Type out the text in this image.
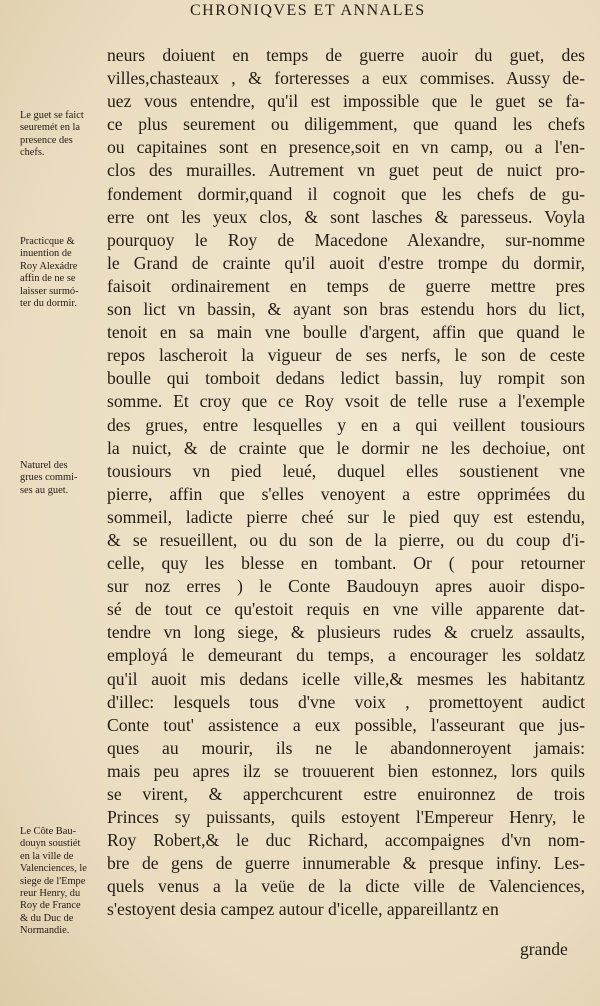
CHRONIQVES ET ANNALES
Le guet se faict
seuremét en la
presence des
chefs.
Practicque &
inuention de
Roy Alexádre
affin de ne se
laisser surmó-
ter du dormir.
Naturel des
grues commi-
ses au guet.
Le Côte Bau-
douyn soustiét
en la ville de
Valenciences, le
siege de l'Empe
reur Henry, du
Roy de France
& du Duc de
Normandie.
neurs doiuent en temps de guerre auoir du guet, des
villes,chasteaux , & forteresses a eux commises. Aussy de-
uez vous entendre, qu'il est impossible que le guet se fa-
ce plus seurement ou diligemment, que quand les chefs
ou capitaines sont en presence,soit en vn camp, ou a l'en-
clos des murailles. Autrement vn guet peut de nuict pro-
fondement dormir,quand il cognoit que les chefs de gu-
erre ont les yeux clos, & sont lasches & paresseus. Voyla
pourquoy le Roy de Macedone Alexandre, sur-nomme
le Grand de crainte qu'il auoit d'estre trompe du dormir,
faisoit ordinairement en temps de guerre mettre pres
son lict vn bassin, & ayant son bras estendu hors du lict,
tenoit en sa main vne boulle d'argent, affin que quand le
repos lascheroit la vigueur de ses nerfs, le son de ceste
boulle qui tomboit dedans ledict bassin, luy rompit son
somme. Et croy que ce Roy vsoit de telle ruse a l'exemple
des grues, entre lesquelles y en a qui veillent tousiours
la nuict, & de crainte que le dormir ne les dechoiue, ont
tousiours vn pied leué, duquel elles soustienent vne
pierre, affin que s'elles venoyent a estre opprimées du
sommeil, ladicte pierre cheé sur le pied quy est estendu,
& se resueillent, ou du son de la pierre, ou du coup d'i-
celle, quy les blesse en tombant. Or ( pour retourner
sur noz erres ) le Conte Baudouyn apres auoir dispo-
sé de tout ce qu'estoit requis en vne ville apparente dat-
tendre vn long siege, & plusieurs rudes & cruelz assaults,
employá le demeurant du temps, a encourager les soldatz
qu'il auoit mis dedans icelle ville,& mesmes les habitantz
d'illec: lesquels tous d'vne voix , promettoyent audict
Conte tout' assistence a eux possible, l'asseurant que jus-
ques au mourir, ils ne le abandonneroyent jamais:
mais peu apres ilz se trouuerent bien estonnez, lors quils
se virent, & apperchcurent estre enuironnez de trois
Princes sy puissants, quils estoyent l'Empereur Henry, le
Roy Robert,& le duc Richard, accompaignes d'vn nom-
bre de gens de guerre innumerable & presque infiny. Les-
quels venus a la veüe de la dicte ville de Valenciences,
s'estoyent desia campez autour d'icelle, appareillantz en
grande
